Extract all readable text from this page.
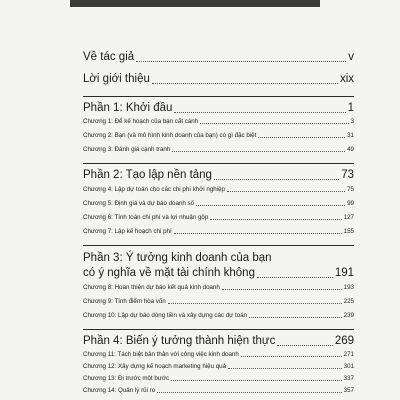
Về tác giả	v
Lời giới thiệu	xix
Phần 1: Khởi đầu	1
Chương 1: Để kế hoạch của bạn cất cánh	3
Chương 2: Bạn (và mô hình kinh doanh của bạn) có gì đặc biệt	31
Chương 3: Đánh giá cạnh tranh	49
Phần 2: Tạo lập nền tảng	73
Chương 4: Lập dự toán cho các chi phí khởi nghiệp	75
Chương 5: Định giá và dự báo doanh số	99
Chương 6: Tính toán chi phí và lợi nhuận gộp	127
Chương 7: Lập kế hoạch chi phí	155
Phần 3: Ý tưởng kinh doanh của bạn
có ý nghĩa về mặt tài chính không	191
Chương 8: Hoàn thiện dự báo kết quả kinh doanh	193
Chương 9: Tính điểm hòa vốn	225
Chương 10: Lập dự báo dòng tiền và xây dựng các dự toán	239
Phần 4: Biến ý tưởng thành hiện thực	269
Chương 11: Tách biệt bản thân với công việc kinh doanh	271
Chương 12: Xây dựng kế hoạch marketing hiệu quả	301
Chương 13: Đi trước một bước	337
Chương 14: Quản lý rủi ro	357
